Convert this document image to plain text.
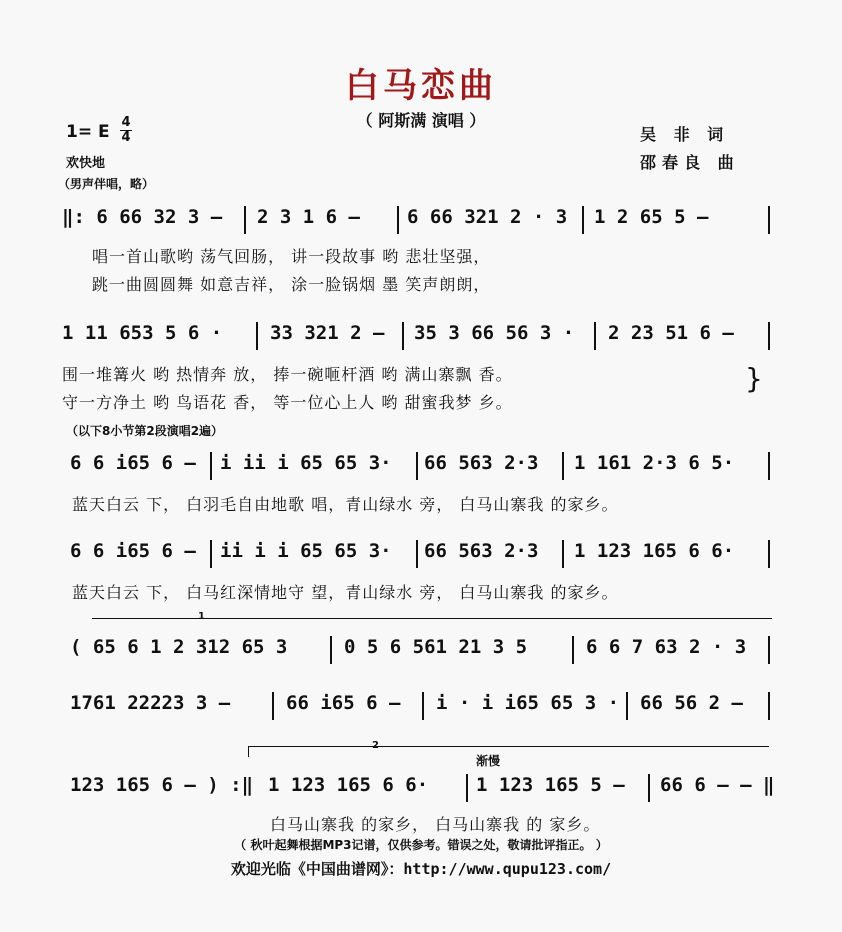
白马恋曲
（ 阿斯满 演唱 ）
1= E 4
4
欢快地
（男声伴唱，略）
吴 非 词
邵春良 曲
‖: 6 66 32 3 – 2 3 1 6 – 6 66 321 2 · 3 1 2 65 5 –
唱一首山歌哟 荡气回肠， 讲一段故事 哟 悲壮坚强，
跳一曲圆圆舞 如意吉祥， 涂一脸锅烟 墨 笑声朗朗，
1 11 653 5 6 ·	33 321 2 – 35 3 66 56 3 · 2 23 51 6 –
围一堆篝火 哟 热情奔 放， 捧一碗咂杆酒 哟 满山寨飘 香。
守一方净土 哟 鸟语花 香， 等一位心上人 哟 甜蜜我梦 乡。
}
（以下8小节第2段演唱2遍）
6 6 i65 6 – i ii i 65 65 3· 66 563 2·3 1 161 2·3 6 5·
蓝天白云 下， 白羽毛自由地歌 唱，青山绿水 旁， 白马山寨我 的家乡。
6 6 i65 6 – ii i i 65 65 3· 66 563 2·3 1 123 165 6 6·
蓝天白云 下， 白马红深情地守 望，青山绿水 旁， 白马山寨我 的家乡。
1
( 65 6 1 2 312 65 3	0 5 6 561 21 3 5	6 6 7 63 2 · 3
1761 22223 3 –	66 i65 6 – i · i i65 65 3 · 66 56 2 –
2
渐慢
123 165 6 – ) :‖ 1 123 165 6 6·	1 123 165 5 – 66 6 – – ‖
白马山寨我 的家乡， 白马山寨我 的 家乡。
（ 秋叶起舞根据MP3记谱，仅供参考。错误之处，敬请批评指正。 ）
欢迎光临《中国曲谱网》：http://www.qupu123.com/
